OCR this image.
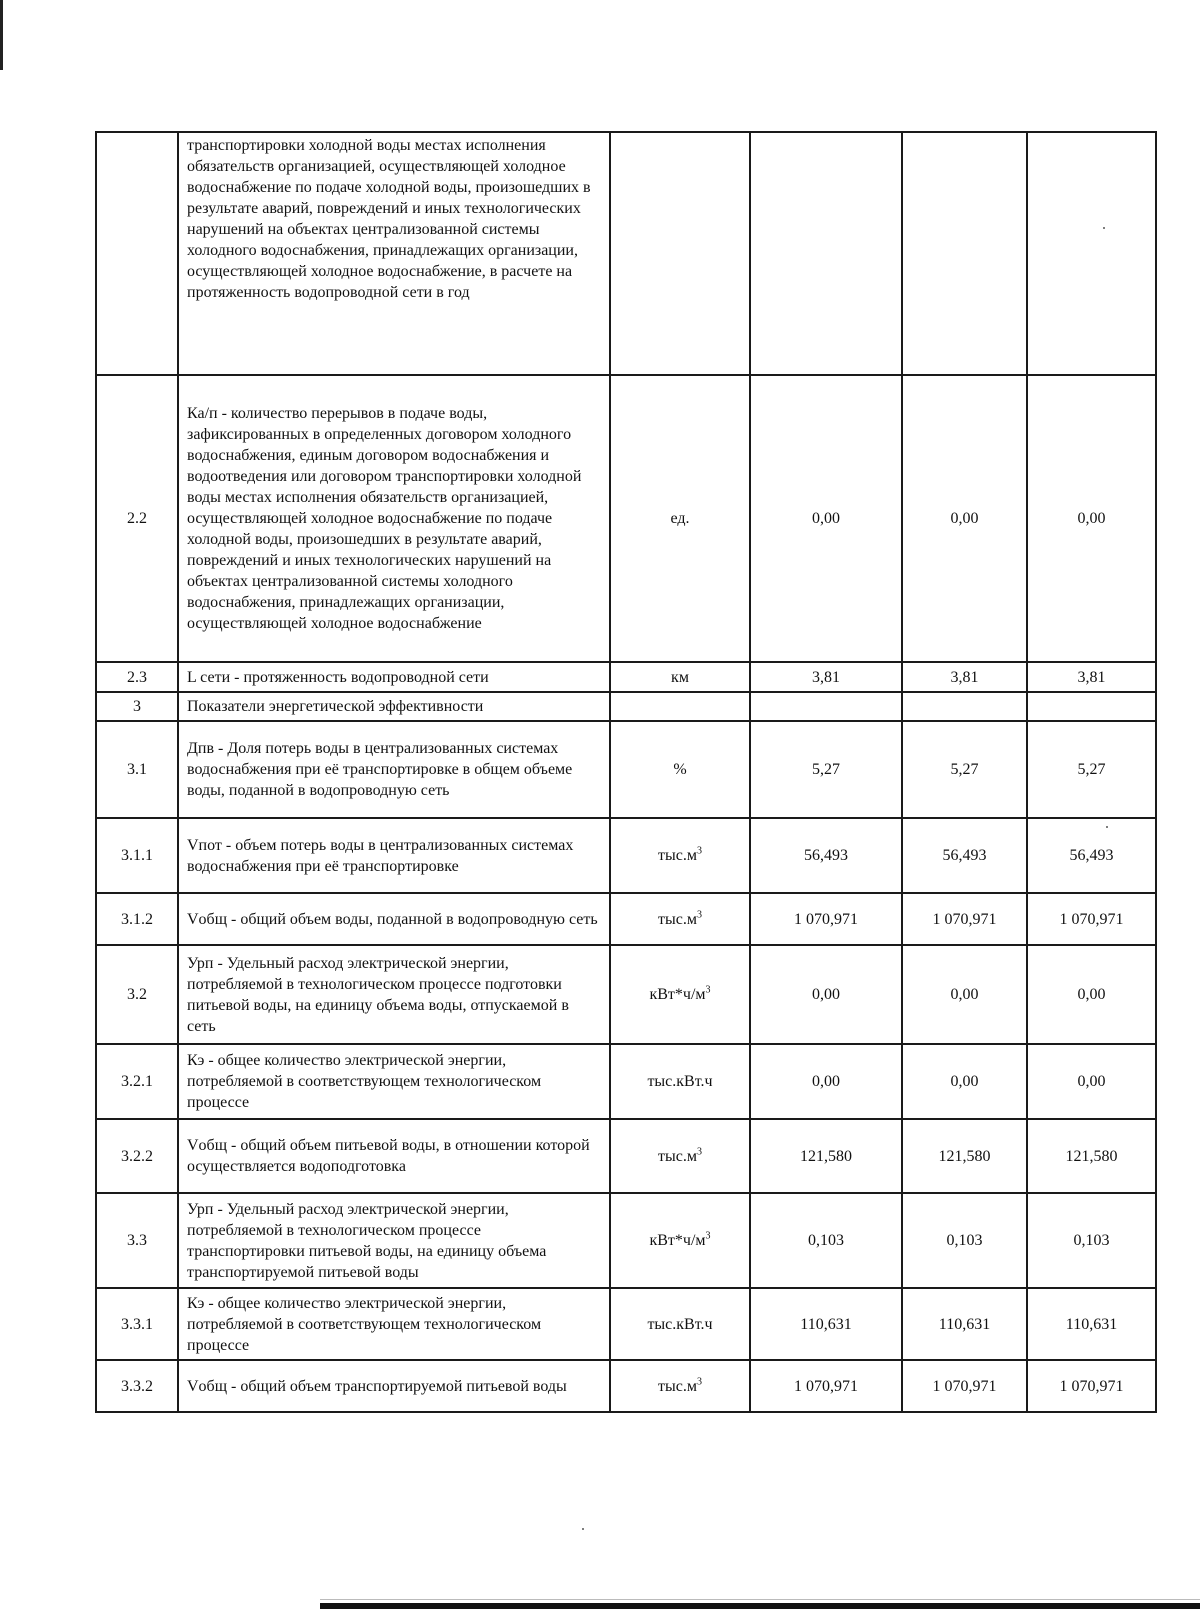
	транспортировки холодной воды местах исполнения обязательств организацией, осуществляющей холодное водоснабжение по подаче холодной воды, произошедших в результате аварий, повреждений и иных технологических нарушений на объектах централизованной системы холодного водоснабжения, принадлежащих организации, осуществляющей холодное водоснабжение, в расчете на протяженность водопроводной сети в год				

2.2	Ка/п - количество перерывов в подаче воды, зафиксированных в определенных договором холодного водоснабжения, единым договором водоснабжения и водоотведения или договором транспортировки холодной воды местах исполнения обязательств организацией, осуществляющей холодное водоснабжение по подаче холодной воды, произошедших в результате аварий, повреждений и иных технологических нарушений на объектах централизованной системы холодного водоснабжения, принадлежащих организации, осуществляющей холодное водоснабжение	ед.	0,00	0,00	0,00
2.3	L сети - протяженность водопроводной сети	км	3,81	3,81	3,81
3	Показатели энергетической эффективности				

3.1	Дпв - Доля потерь воды в централизованных системах водоснабжения при её транспортировке в общем объеме воды, поданной в водопроводную сеть	%	5,27	5,27	5,27
3.1.1	Vпот - объем потерь воды в централизованных системах водоснабжения при её транспортировке	$тыс.м^3$	56,493	56,493	56,493
3.1.2	Vобщ - общий объем воды, поданной в водопроводную сеть	$тыс.м^3$	1 070,971	1 070,971	1 070,971
3.2	Урп - Удельный расход электрической энергии, потребляемой в технологическом процессе подготовки питьевой воды, на единицу объема воды, отпускаемой в сеть	$кВт*ч/м^3$	0,00	0,00	0,00
3.2.1	Кэ - общее количество электрической энергии, потребляемой в соответствующем технологическом процессе	тыс.кВт.ч	0,00	0,00	0,00
3.2.2	Vобщ - общий объем питьевой воды, в отношении которой осуществляется водоподготовка	$тыс.м^3$	121,580	121,580	121,580
3.3	Урп - Удельный расход электрической энергии, потребляемой в технологическом процессе транспортировки питьевой воды, на единицу объема транспортируемой питьевой воды	$кВт*ч/м^3$	0,103	0,103	0,103
3.3.1	Кэ - общее количество электрической энергии, потребляемой в соответствующем технологическом процессе	тыс.кВт.ч	110,631	110,631	110,631
3.3.2	Vобщ - общий объем транспортируемой питьевой воды	$тыс.м^3$	1 070,971	1 070,971	1 070,971
